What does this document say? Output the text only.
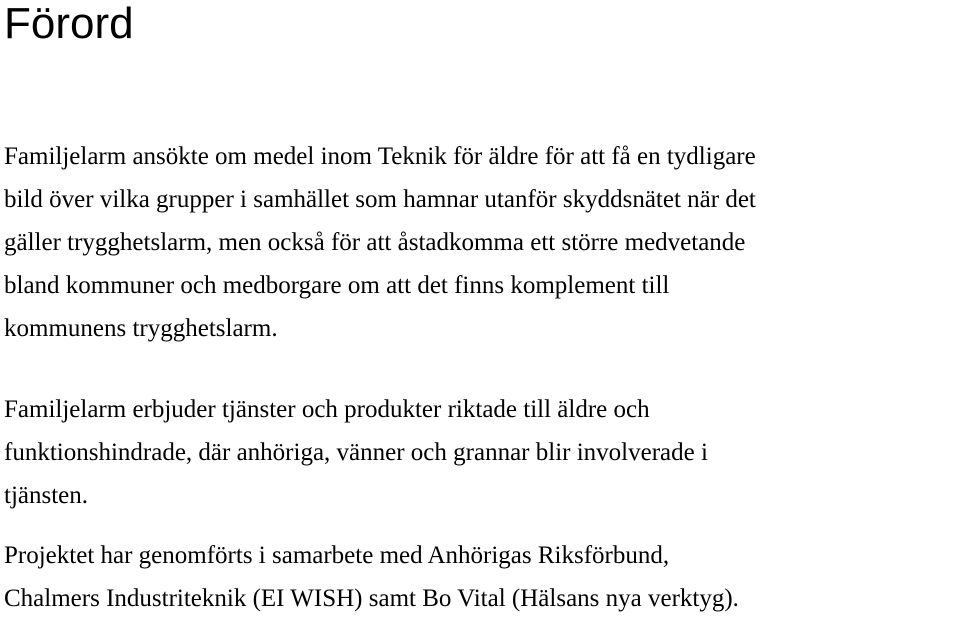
Förord

Familjelarm ansökte om medel inom Teknik för äldre för att få en tydligare
bild över vilka grupper i samhället som hamnar utanför skyddsnätet när det
gäller trygghetslarm, men också för att åstadkomma ett större medvetande
bland kommuner och medborgare om att det finns komplement till
kommunens trygghetslarm.

Familjelarm erbjuder tjänster och produkter riktade till äldre och
funktionshindrade, där anhöriga, vänner och grannar blir involverade i
tjänsten.

Projektet har genomförts i samarbete med Anhörigas Riksförbund,
Chalmers Industriteknik (EI WISH) samt Bo Vital (Hälsans nya verktyg).
